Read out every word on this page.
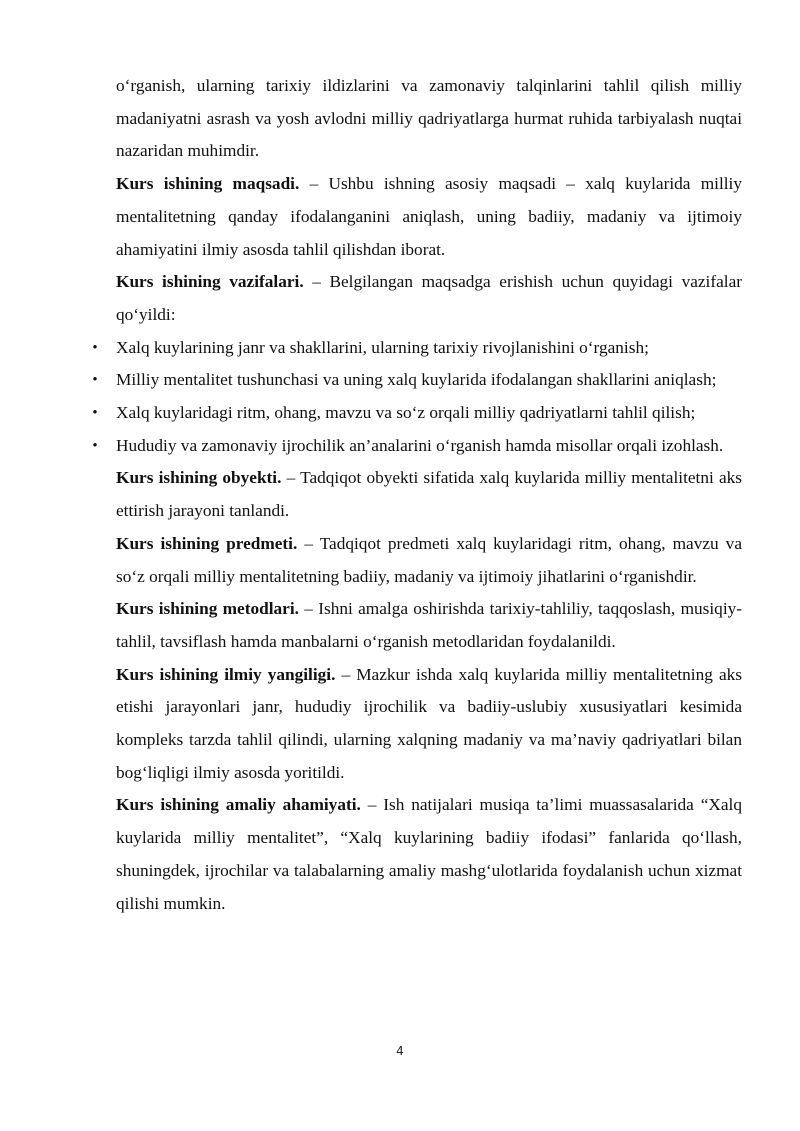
o‘rganish, ularning tarixiy ildizlarini va zamonaviy talqinlarini tahlil qilish milliy madaniyatni asrash va yosh avlodni milliy qadriyatlarga hurmat ruhida tarbiyalash nuqtai nazaridan muhimdir.

Kurs ishining maqsadi. – Ushbu ishning asosiy maqsadi – xalq kuylarida milliy mentalitetning qanday ifodalanganini aniqlash, uning badiiy, madaniy va ijtimoiy ahamiyatini ilmiy asosda tahlil qilishdan iborat.

Kurs ishining vazifalari. – Belgilangan maqsadga erishish uchun quyidagi vazifalar qo‘yildi:

• Xalq kuylarining janr va shakllarini, ularning tarixiy rivojlanishini o‘rganish;
• Milliy mentalitet tushunchasi va uning xalq kuylarida ifodalangan shakllarini aniqlash;
• Xalq kuylaridagi ritm, ohang, mavzu va so‘z orqali milliy qadriyatlarni tahlil qilish;
• Hududiy va zamonaviy ijrochilik an’analarini o‘rganish hamda misollar orqali izohlash.

Kurs ishining obyekti. – Tadqiqot obyekti sifatida xalq kuylarida milliy mentalitetni aks ettirish jarayoni tanlandi.

Kurs ishining predmeti. – Tadqiqot predmeti xalq kuylaridagi ritm, ohang, mavzu va so‘z orqali milliy mentalitetning badiiy, madaniy va ijtimoiy jihatlarini o‘rganishdir.

Kurs ishining metodlari. – Ishni amalga oshirishda tarixiy-tahliliy, taqqoslash, musiqiy-tahlil, tavsiflash hamda manbalarni o‘rganish metodlaridan foydalanildi.

Kurs ishining ilmiy yangiligi. – Mazkur ishda xalq kuylarida milliy mentalitetning aks etishi jarayonlari janr, hududiy ijrochilik va badiiy-uslubiy xususiyatlari kesimida kompleks tarzda tahlil qilindi, ularning xalqning madaniy va ma’naviy qadriyatlari bilan bog‘liqligi ilmiy asosda yoritildi.

Kurs ishining amaliy ahamiyati. – Ish natijalari musiqa ta’limi muassasalarida “Xalq kuylarida milliy mentalitet”, “Xalq kuylarining badiiy ifodasi” fanlarida qo‘llash, shuningdek, ijrochilar va talabalarning amaliy mashg‘ulotlarida foydalanish uchun xizmat qilishi mumkin.

4
